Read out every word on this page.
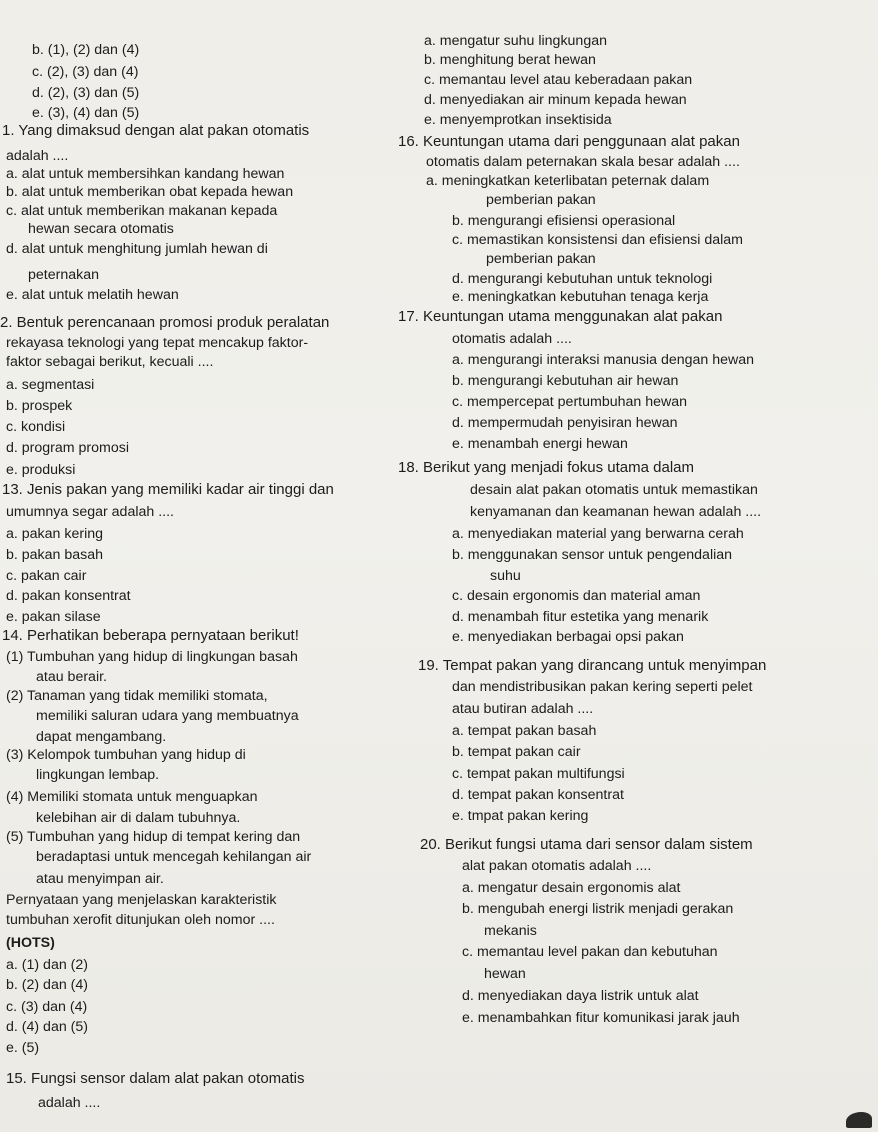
b. (1), (2) dan (4)
c. (2), (3) dan (4)
d. (2), (3) dan (5)
e. (3), (4) dan (5)
1. Yang dimaksud dengan alat pakan otomatis
adalah ....
a. alat untuk membersihkan kandang hewan
b. alat untuk memberikan obat kepada hewan
c. alat untuk memberikan makanan kepada
hewan secara otomatis
d. alat untuk menghitung jumlah hewan di
peternakan
e. alat untuk melatih hewan
2. Bentuk perencanaan promosi produk peralatan
rekayasa teknologi yang tepat mencakup faktor-
faktor sebagai berikut, kecuali ....
a. segmentasi
b. prospek
c. kondisi
d. program promosi
e. produksi
13. Jenis pakan yang memiliki kadar air tinggi dan
umumnya segar adalah ....
a. pakan kering
b. pakan basah
c. pakan cair
d. pakan konsentrat
e. pakan silase
14. Perhatikan beberapa pernyataan berikut!
(1) Tumbuhan yang hidup di lingkungan basah
atau berair.
(2) Tanaman yang tidak memiliki stomata,
memiliki saluran udara yang membuatnya
dapat mengambang.
(3) Kelompok tumbuhan yang hidup di
lingkungan lembap.
(4) Memiliki stomata untuk menguapkan
kelebihan air di dalam tubuhnya.
(5) Tumbuhan yang hidup di tempat kering dan
beradaptasi untuk mencegah kehilangan air
atau menyimpan air.
Pernyataan yang menjelaskan karakteristik
tumbuhan xerofit ditunjukan oleh nomor ....
(HOTS)
a. (1) dan (2)
b. (2) dan (4)
c. (3) dan (4)
d. (4) dan (5)
e. (5)
15. Fungsi sensor dalam alat pakan otomatis
adalah ....
a. mengatur suhu lingkungan
b. menghitung berat hewan
c. memantau level atau keberadaan pakan
d. menyediakan air minum kepada hewan
e. menyemprotkan insektisida
16. Keuntungan utama dari penggunaan alat pakan
otomatis dalam peternakan skala besar adalah ....
a. meningkatkan keterlibatan peternak dalam
pemberian pakan
b. mengurangi efisiensi operasional
c. memastikan konsistensi dan efisiensi dalam
pemberian pakan
d. mengurangi kebutuhan untuk teknologi
e. meningkatkan kebutuhan tenaga kerja
17. Keuntungan utama menggunakan alat pakan
otomatis adalah ....
a. mengurangi interaksi manusia dengan hewan
b. mengurangi kebutuhan air hewan
c. mempercepat pertumbuhan hewan
d. mempermudah penyisiran hewan
e. menambah energi hewan
18. Berikut yang menjadi fokus utama dalam
desain alat pakan otomatis untuk memastikan
kenyamanan dan keamanan hewan adalah ....
a. menyediakan material yang berwarna cerah
b. menggunakan sensor untuk pengendalian
suhu
c. desain ergonomis dan material aman
d. menambah fitur estetika yang menarik
e. menyediakan berbagai opsi pakan
19. Tempat pakan yang dirancang untuk menyimpan
dan mendistribusikan pakan kering seperti pelet
atau butiran adalah ....
a. tempat pakan basah
b. tempat pakan cair
c. tempat pakan multifungsi
d. tempat pakan konsentrat
e. tmpat pakan kering
20. Berikut fungsi utama dari sensor dalam sistem
alat pakan otomatis adalah ....
a. mengatur desain ergonomis alat
b. mengubah energi listrik menjadi gerakan
mekanis
c. memantau level pakan dan kebutuhan
hewan
d. menyediakan daya listrik untuk alat
e. menambahkan fitur komunikasi jarak jauh
